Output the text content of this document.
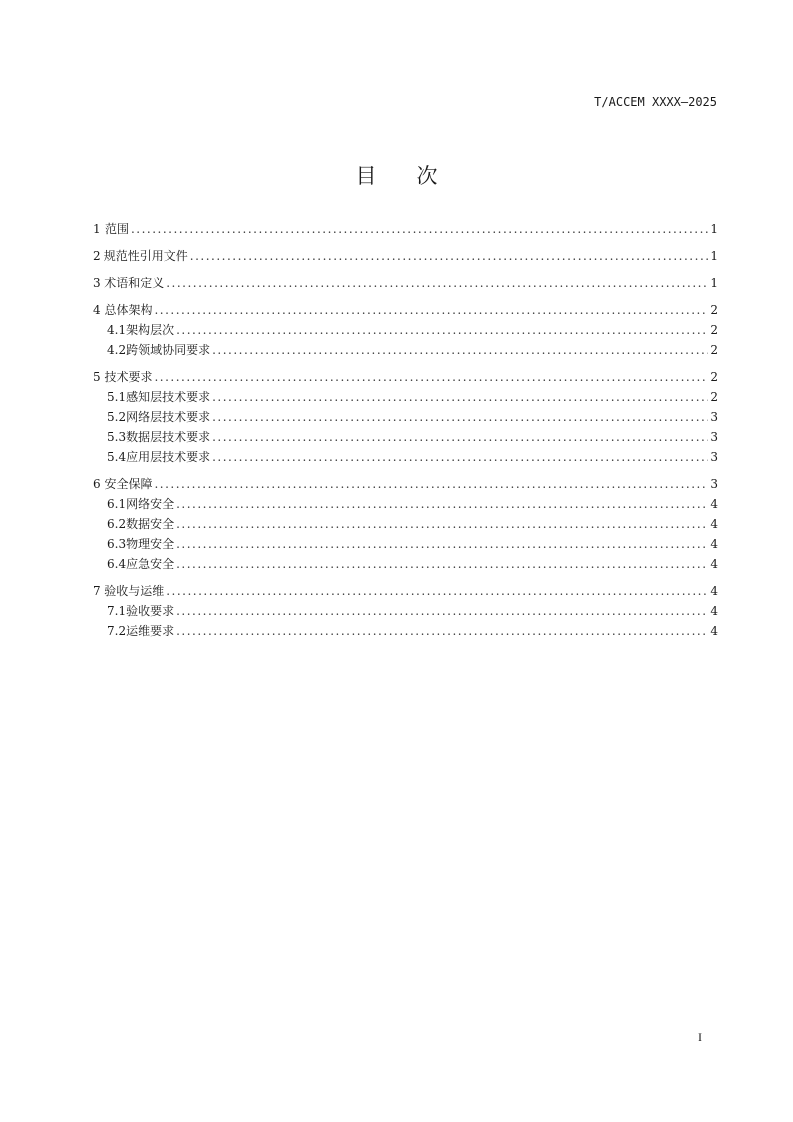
T/ACCEM XXXX—2025
目 次
1 范围 .....	1
2 规范性引用文件 .....	1
3 术语和定义 .....	1
4 总体架构 .....	2
4.1 架构层次 .....	2
4.2 跨领域协同要求 .....	2
5 技术要求 .....	2
5.1 感知层技术要求 .....	2
5.2 网络层技术要求 .....	3
5.3 数据层技术要求 .....	3
5.4 应用层技术要求 .....	3
6 安全保障 .....	3
6.1 网络安全 .....	4
6.2 数据安全 .....	4
6.3 物理安全 .....	4
6.4 应急安全 .....	4
7 验收与运维 .....	4
7.1 验收要求 .....	4
7.2 运维要求 .....	4
I
